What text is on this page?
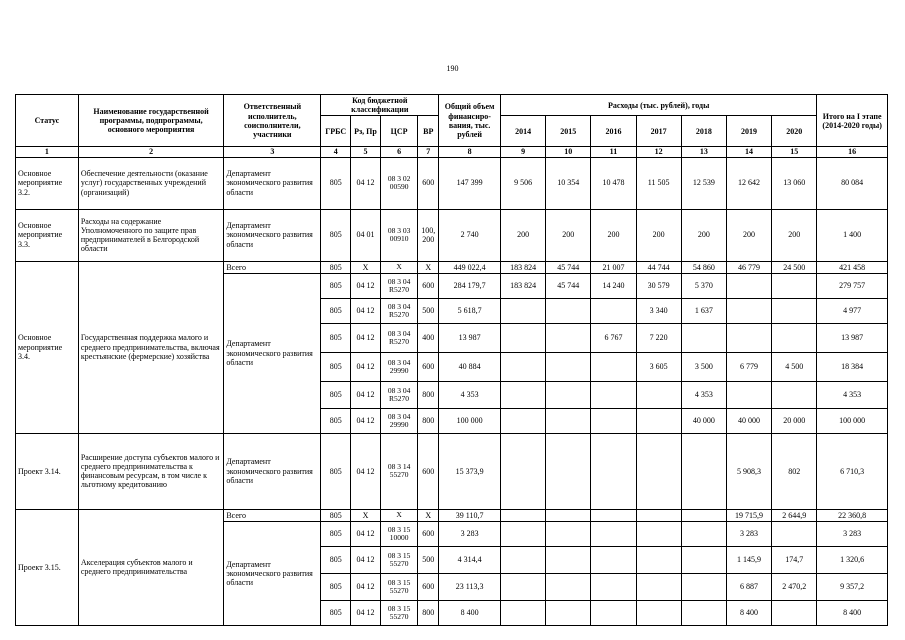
190
Статус	Наименование государственной программы, подпрограммы, основного мероприятия	Ответственный исполнитель, соисполнители, участники	Код бюджетной классификации				Общий объем финансиро-вания, тыс. рублей	Расходы (тыс. рублей), годы							Итого на I этапе (2014-2020 годы)
			ГРБС	Рз, Пр	ЦСР	ВР		2014	2015	2016	2017	2018	2019	2020	
1	2	3	4	5	6	7	8	9	10	11	12	13	14	15	16
Основное мероприятие 3.2.	Обеспечение деятельности (оказание услуг) государственных учреждений (организаций)	Департамент экономического развития области	805	04 12	08 3 02 00590	600	147 399	9 506	10 354	10 478	11 505	12 539	12 642	13 060	80 084
Основное мероприятие 3.3.	Расходы на содержание Уполномоченного по защите прав предпринимателей в Белгородской области	Департамент экономического развития области	805	04 01	08 3 03 00910	100, 200	2 740	200	200	200	200	200	200	200	1 400
Основное мероприятие 3.4.	Государственная поддержка малого и среднего предпринимательства, включая крестьянские (фермерские) хозяйства	Всего	805	X	X	X	449 022,4	183 824	45 744	21 007	44 744	54 860	46 779	24 500	421 458
		Департамент экономического развития области	805	04 12	08 3 04 R5270	600	284 179,7	183 824	45 744	14 240	30 579	5 370			279 757
			805	04 12	08 3 04 R5270	500	5 618,7				3 340	1 637			4 977
			805	04 12	08 3 04 R5270	400	13 987			6 767	7 220				13 987
			805	04 12	08 3 04 29990	600	40 884				3 605	3 500	6 779	4 500	18 384
			805	04 12	08 3 04 R5270	800	4 353					4 353			4 353
			805	04 12	08 3 04 29990	800	100 000					40 000	40 000	20 000	100 000
Проект 3.14.	Расширение доступа субъектов малого и среднего предпринимательства к финансовым ресурсам, в том числе к льготному кредитованию	Департамент экономического развития области	805	04 12	08 3 14 55270	600	15 373,9						5 908,3	802	6 710,3
Проект 3.15.	Акселерация субъектов малого и среднего предпринимательства	Всего	805	X	X	X	39 110,7						19 715,9	2 644,9	22 360,8
		Департамент экономического развития области	805	04 12	08 3 15 10000	600	3 283						3 283		3 283
			805	04 12	08 3 15 55270	500	4 314,4						1 145,9	174,7	1 320,6
			805	04 12	08 3 15 55270	600	23 113,3						6 887	2 470,2	9 357,2
			805	04 12	08 3 15 55270	800	8 400						8 400		8 400
